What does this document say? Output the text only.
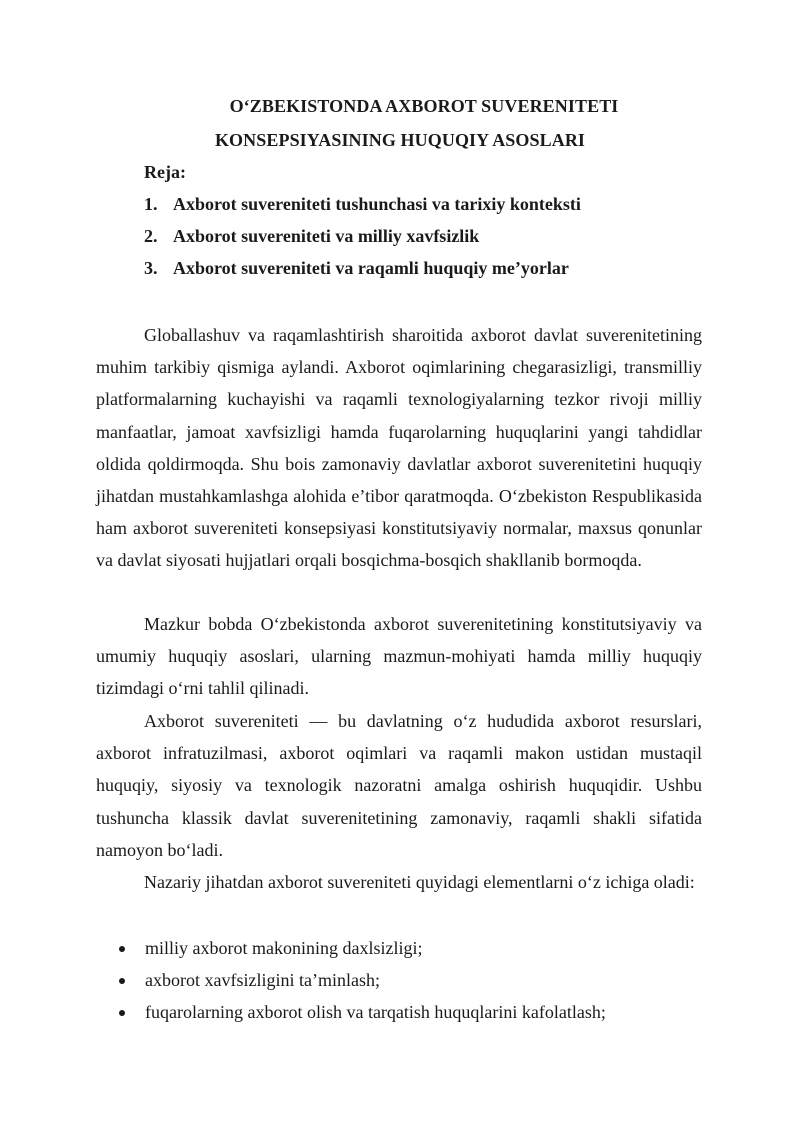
O‘ZBEKISTONDA AXBOROT SUVERENITETI
KONSEPSIYASINING HUQUQIY ASOSLARI
Reja:
1. Axborot suvereniteti tushunchasi va tarixiy konteksti
2. Axborot suvereniteti va milliy xavfsizlik
3. Axborot suvereniteti va raqamli huquqiy me’yorlar

Globallashuv va raqamlashtirish sharoitida axborot davlat suverenitetining muhim tarkibiy qismiga aylandi. Axborot oqimlarining chegarasizligi, transmilliy platformalarning kuchayishi va raqamli texnologiyalarning tezkor rivoji milliy manfaatlar, jamoat xavfsizligi hamda fuqarolarning huquqlarini yangi tahdidlar oldida qoldirmoqda. Shu bois zamonaviy davlatlar axborot suverenitetini huquqiy jihatdan mustahkamlashga alohida e’tibor qaratmoqda. O‘zbekiston Respublikasida ham axborot suvereniteti konsepsiyasi konstitutsiyaviy normalar, maxsus qonunlar va davlat siyosati hujjatlari orqali bosqichma-bosqich shakllanib bormoqda.

Mazkur bobda O‘zbekistonda axborot suverenitetining konstitutsiyaviy va umumiy huquqiy asoslari, ularning mazmun-mohiyati hamda milliy huquqiy tizimdagi o‘rni tahlil qilinadi.

Axborot suvereniteti — bu davlatning o‘z hududida axborot resurslari, axborot infratuzilmasi, axborot oqimlari va raqamli makon ustidan mustaqil huquqiy, siyosiy va texnologik nazoratni amalga oshirish huquqidir. Ushbu tushuncha klassik davlat suverenitetining zamonaviy, raqamli shakli sifatida namoyon bo‘ladi.

Nazariy jihatdan axborot suvereniteti quyidagi elementlarni o‘z ichiga oladi:

milliy axborot makonining daxlsizligi;
axborot xavfsizligini ta’minlash;
fuqarolarning axborot olish va tarqatish huquqlarini kafolatlash;
